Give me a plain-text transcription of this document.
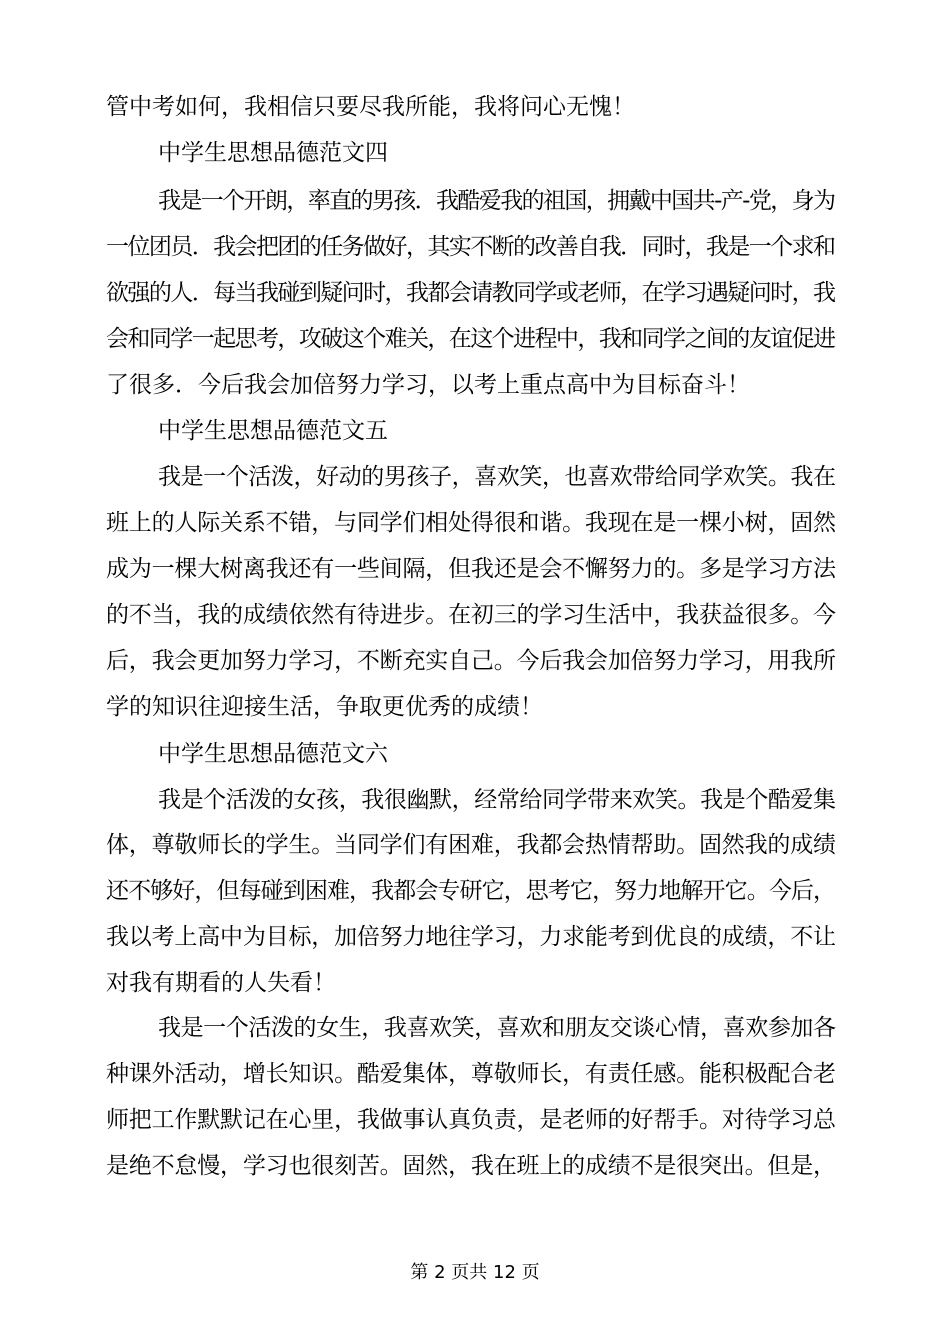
管中考如何，我相信只要尽我所能，我将问心无愧！
中学生思想品德范文四
我是一个开朗，率直的男孩．我酷爱我的祖国，拥戴中国共-产-党，身为
一位团员．我会把团的任务做好，其实不断的改善自我．同时，我是一个求和
欲强的人．每当我碰到疑问时，我都会请教同学或老师，在学习遇疑问时，我
会和同学一起思考，攻破这个难关，在这个进程中，我和同学之间的友谊促进
了很多．今后我会加倍努力学习，以考上重点高中为目标奋斗！
中学生思想品德范文五
我是一个活泼，好动的男孩子，喜欢笑，也喜欢带给同学欢笑。我在
班上的人际关系不错，与同学们相处得很和谐。我现在是一棵小树，固然
成为一棵大树离我还有一些间隔，但我还是会不懈努力的。多是学习方法
的不当，我的成绩依然有待进步。在初三的学习生活中，我获益很多。今
后，我会更加努力学习，不断充实自己。今后我会加倍努力学习，用我所
学的知识往迎接生活，争取更优秀的成绩！
中学生思想品德范文六
我是个活泼的女孩，我很幽默，经常给同学带来欢笑。我是个酷爱集
体，尊敬师长的学生。当同学们有困难，我都会热情帮助。固然我的成绩
还不够好，但每碰到困难，我都会专研它，思考它，努力地解开它。今后，
我以考上高中为目标，加倍努力地往学习，力求能考到优良的成绩，不让
对我有期看的人失看！
我是一个活泼的女生，我喜欢笑，喜欢和朋友交谈心情，喜欢参加各
种课外活动，增长知识。酷爱集体，尊敬师长，有责任感。能积极配合老
师把工作默默记在心里，我做事认真负责，是老师的好帮手。对待学习总
是绝不怠慢，学习也很刻苦。固然，我在班上的成绩不是很突出。但是，
第 2 页共 12 页
